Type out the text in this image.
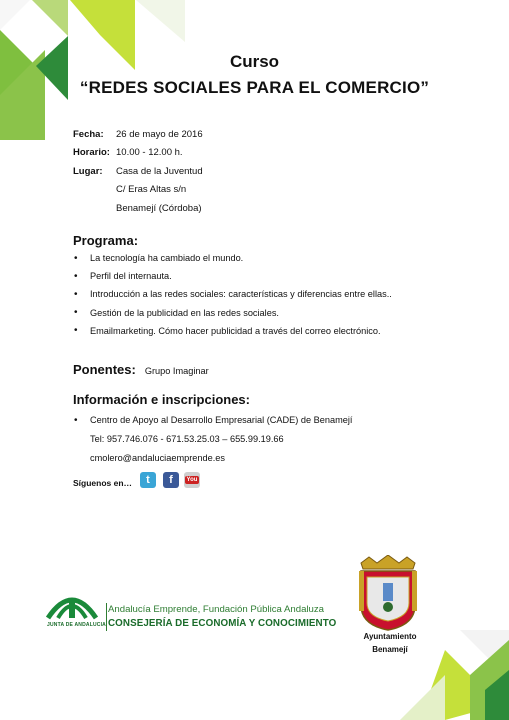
Curso
“REDES SOCIALES PARA EL COMERCIO”
Fecha:	26 de mayo de 2016
Horario: 10.00 - 12.00 h.
Lugar:	Casa de la Juventud
C/ Eras Altas s/n
Benamejí (Córdoba)
Programa:
•	La tecnología ha cambiado el mundo.
•	Perfil del internauta.
•	Introducción a las redes sociales: características y diferencias entre ellas..
•	Gestión de la publicidad en las redes sociales.
•	Emailmarketing. Cómo hacer publicidad a través del correo electrónico.
Ponentes: Grupo Imaginar
Información e inscripciones:
•	Centro de Apoyo al Desarrollo Empresarial (CADE) de Benamejí
Tel: 957.746.076 - 671.53.25.03 – 655.99.19.66
cmolero@andaluciaemprende.es
Síguenos en…	t	f	You
JUNTA DE ANDALUCIA
Andalucía Emprende, Fundación Pública Andaluza
CONSEJERÍA DE ECONOMÍA Y CONOCIMIENTO
Ayuntamiento
Benamejí
